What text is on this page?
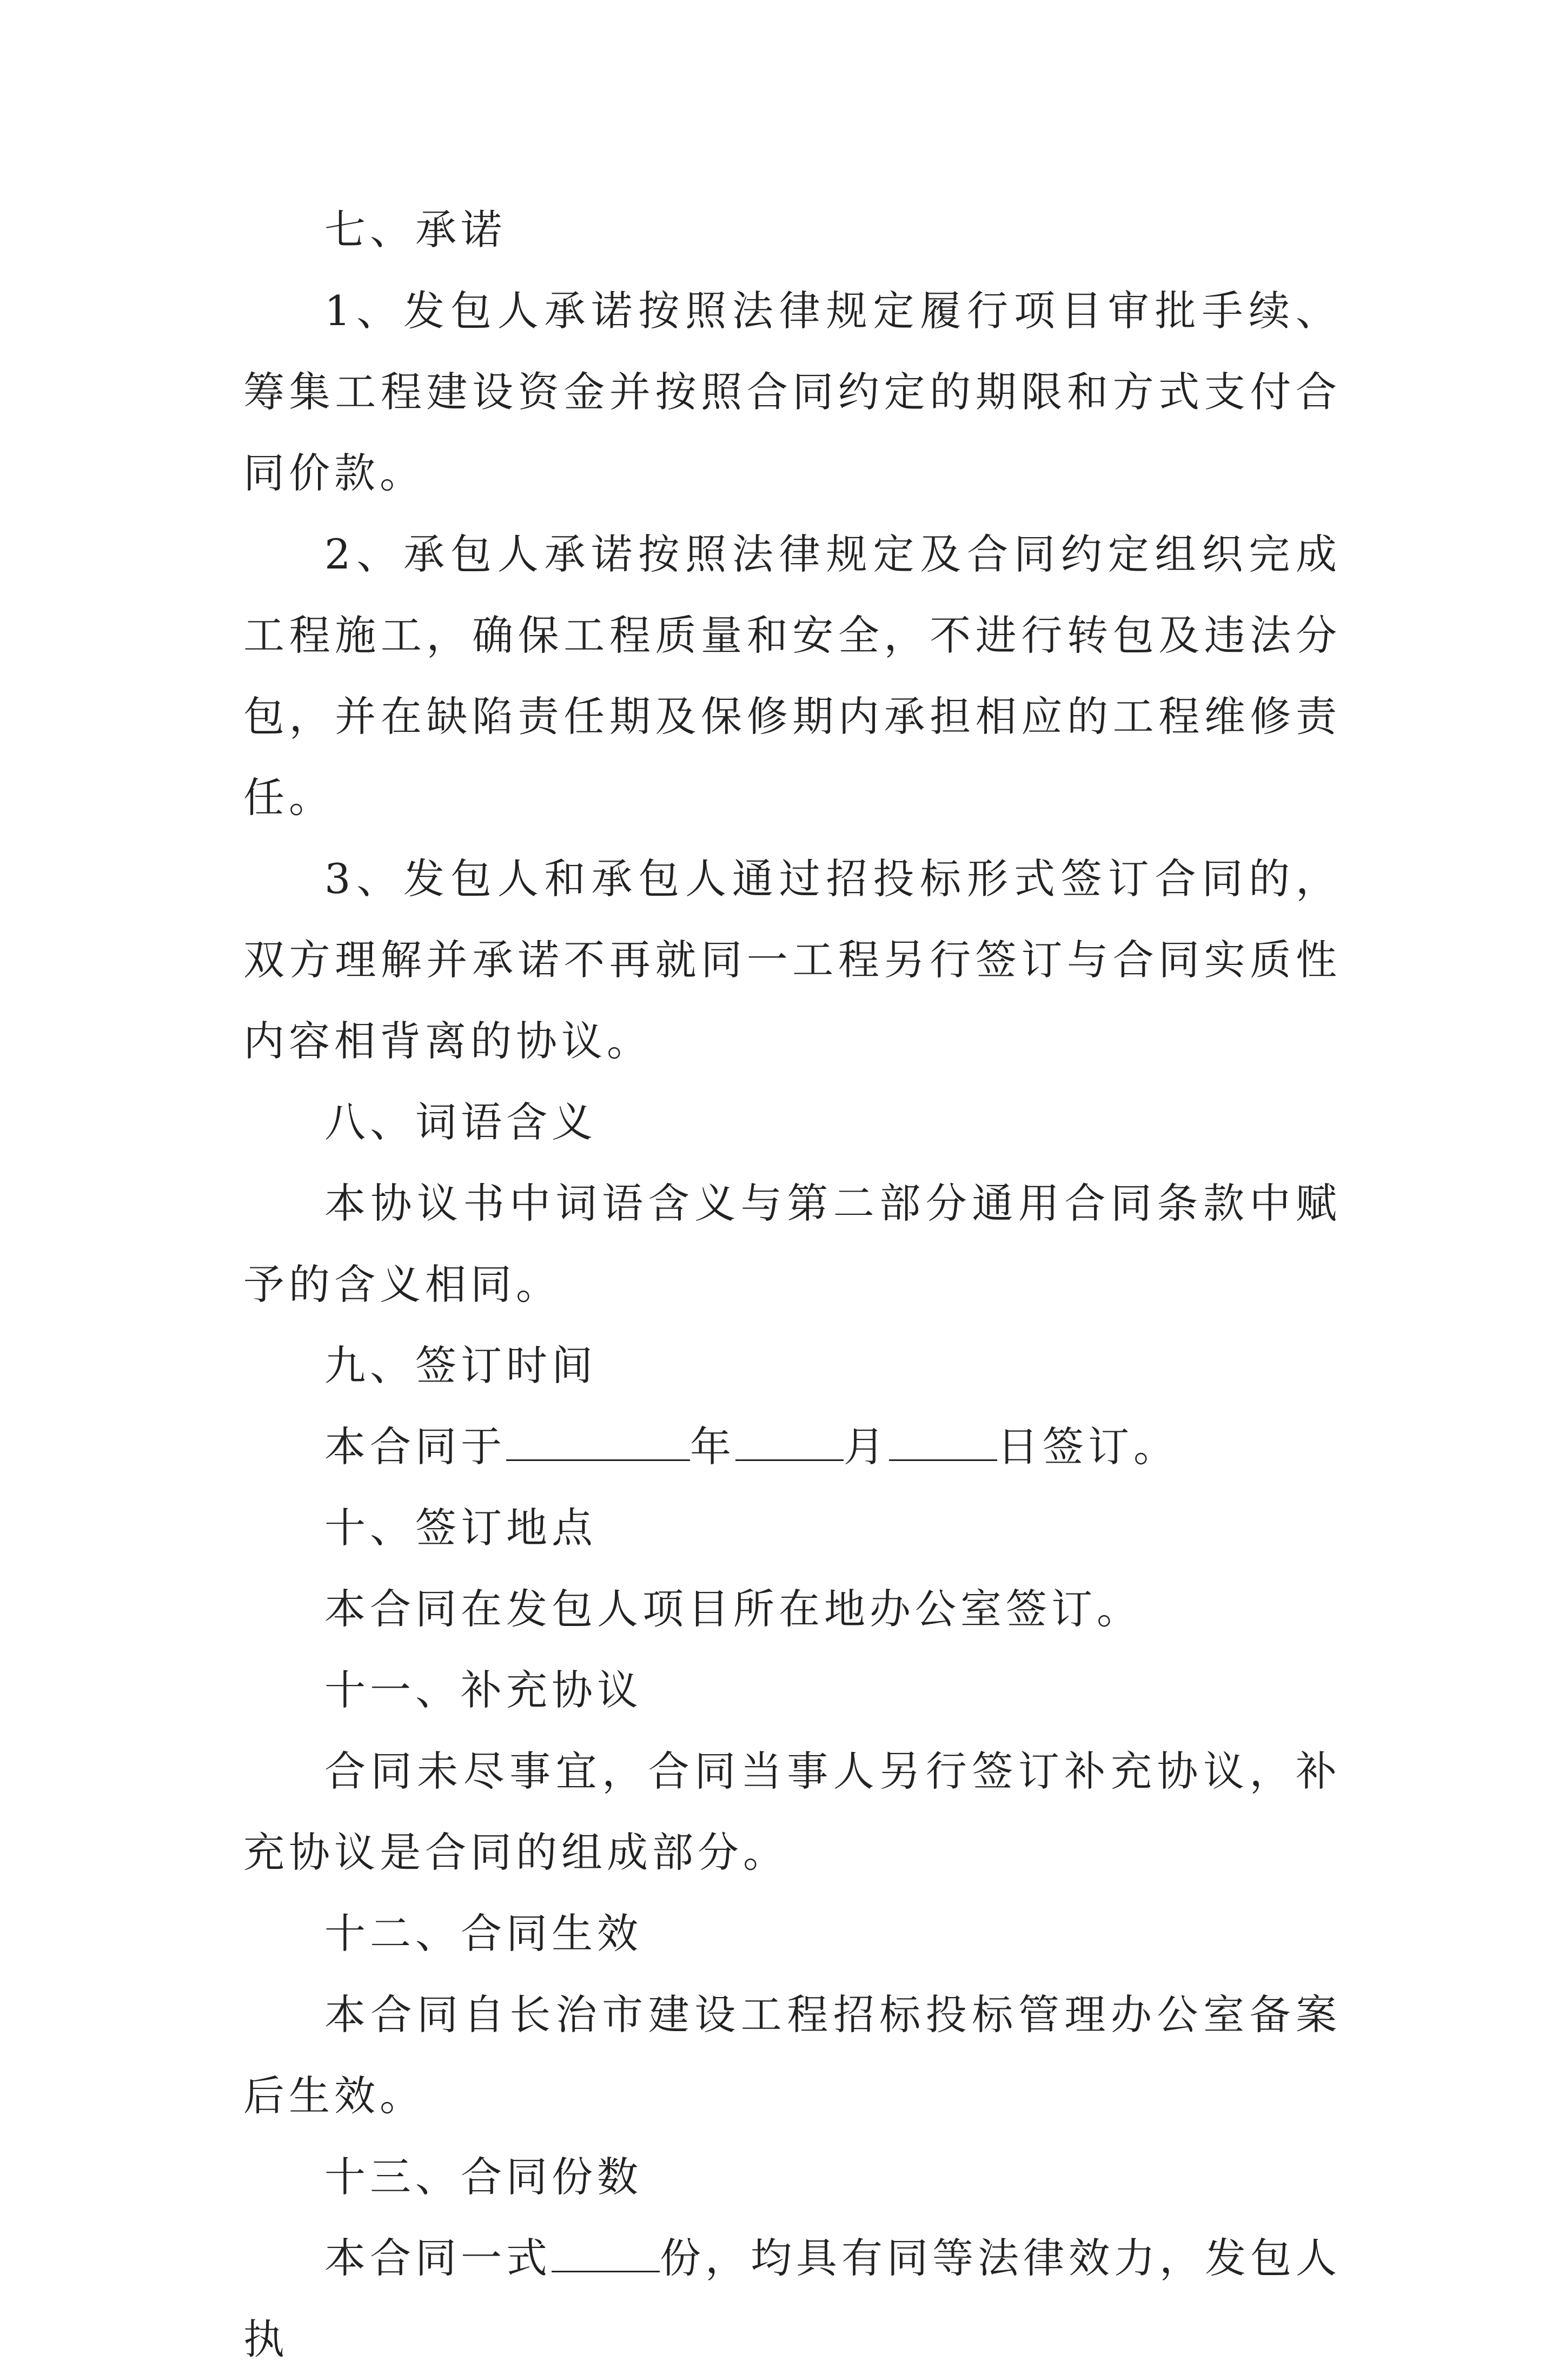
七、承诺

1、发包人承诺按照法律规定履行项目审批手续、筹集工程建设资金并按照合同约定的期限和方式支付合同价款。

2、承包人承诺按照法律规定及合同约定组织完成工程施工，确保工程质量和安全，不进行转包及违法分包，并在缺陷责任期及保修期内承担相应的工程维修责任。

3、发包人和承包人通过招投标形式签订合同的，双方理解并承诺不再就同一工程另行签订与合同实质性内容相背离的协议。

八、词语含义

本协议书中词语含义与第二部分通用合同条款中赋予的含义相同。

九、签订时间

本合同于	年	月	日签订。

十、签订地点

本合同在发包人项目所在地办公室签订。

十一、补充协议

合同未尽事宜，合同当事人另行签订补充协议，补充协议是合同的组成部分。

十二、合同生效

本合同自长治市建设工程招标投标管理办公室备案后生效。

十三、合同份数

本合同一式	份，均具有同等法律效力，发包人执
